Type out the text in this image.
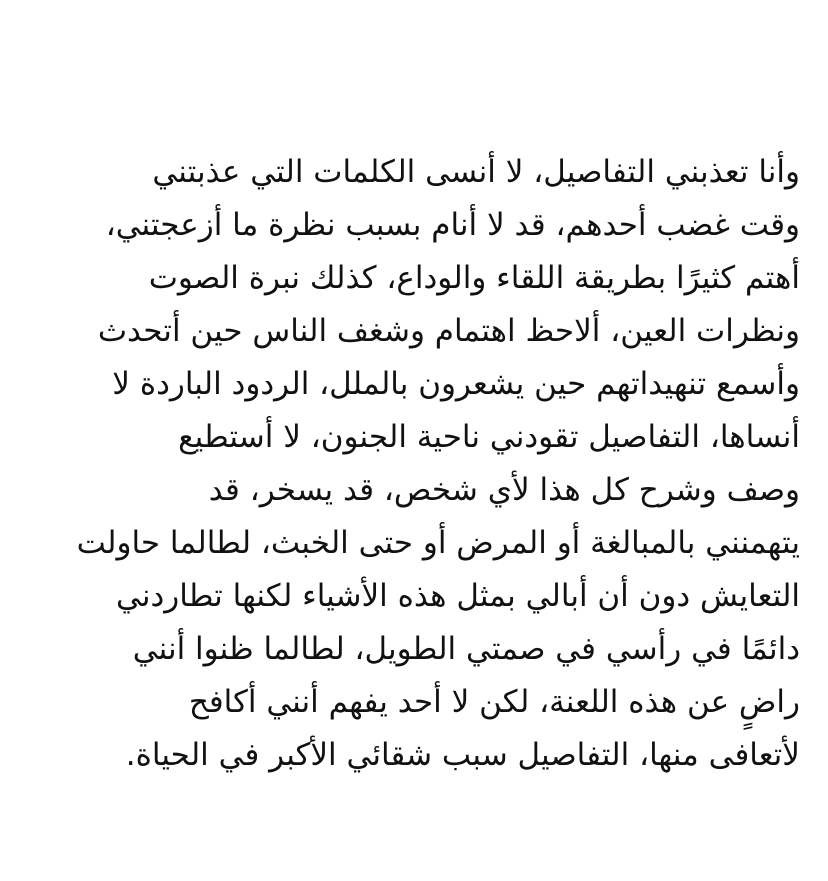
وأنا تعذبني التفاصيل، لا أنسى الكلمات التي عذبتني
وقت غضب أحدهم، قد لا أنام بسبب نظرة ما أزعجتني،
أهتم كثيرًا بطريقة اللقاء والوداع، كذلك نبرة الصوت
ونظرات العين، ألاحظ اهتمام وشغف الناس حين أتحدث
وأسمع تنهيداتهم حين يشعرون بالملل، الردود الباردة لا
أنساها، التفاصيل تقودني ناحية الجنون، لا أستطيع
وصف وشرح كل هذا لأي شخص، قد يسخر، قد
يتهمنني بالمبالغة أو المرض أو حتى الخبث، لطالما حاولت
التعايش دون أن أبالي بمثل هذه الأشياء لكنها تطاردني
دائمًا في رأسي في صمتي الطويل، لطالما ظنوا أنني
راضٍ عن هذه اللعنة، لكن لا أحد يفهم أنني أكافح
لأتعافى منها، التفاصيل سبب شقائي الأكبر في الحياة.
